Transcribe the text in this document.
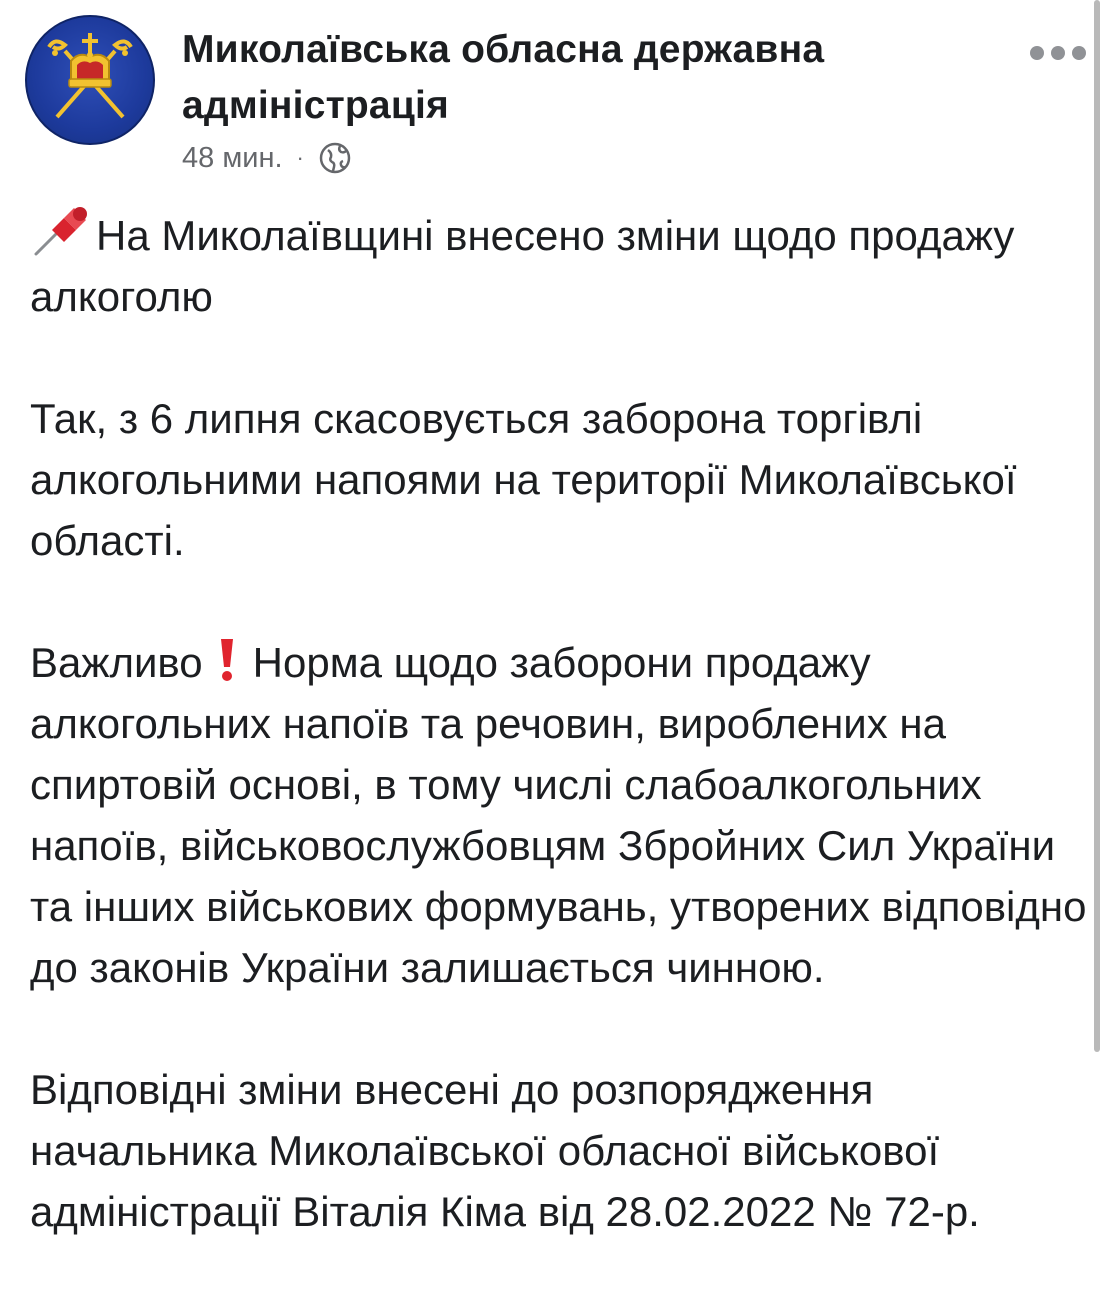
Миколаївська обласна державна адміністрація
48 мин. ·
На Миколаївщині внесено зміни щодо продажу алкоголю
Так, з 6 липня скасовується заборона торгівлі алкогольними напоями на території Миколаївської області.
Важливо Норма щодо заборони продажу алкогольних напоїв та речовин, вироблених на спиртовій основі, в тому числі слабоалкогольних напоїв, військовослужбовцям Збройних Сил України та інших військових формувань, утворених відповідно до законів України залишається чинною.
Відповідні зміни внесені до розпорядження начальника Миколаївської обласної військової адміністрації Віталія Кіма від 28.02.2022 № 72-р.
